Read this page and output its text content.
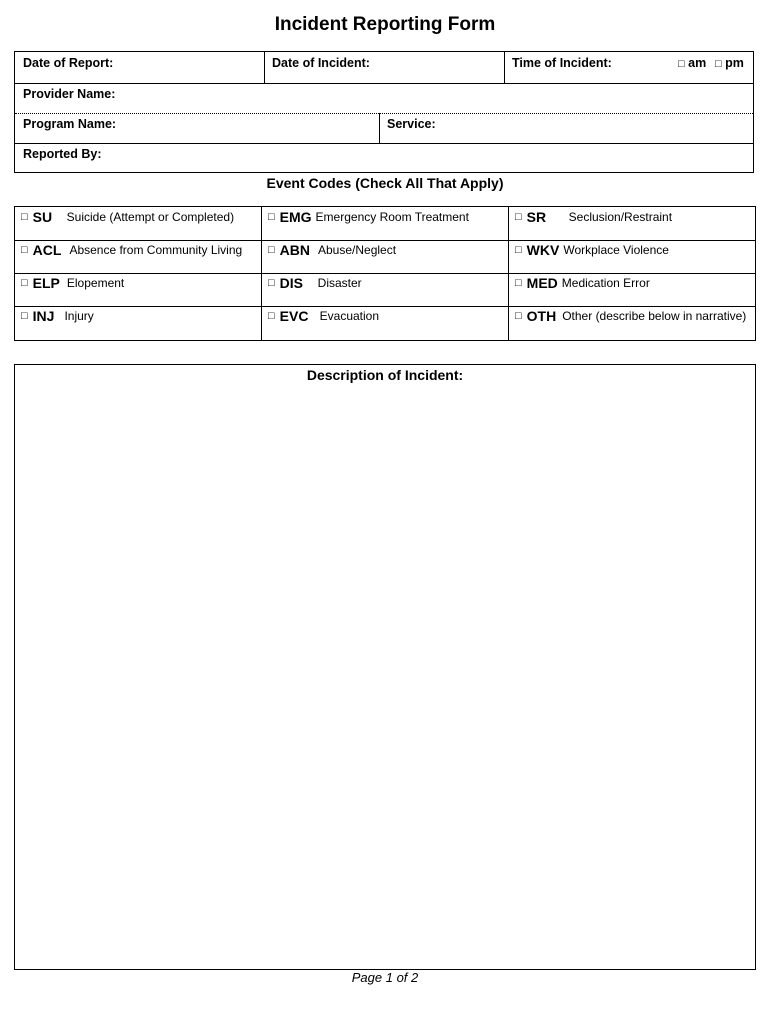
Incident Reporting Form
Date of Report:	Date of Incident:	Time of Incident:	□ am □ pm
Provider Name:
Program Name:	Service:
Reported By:
Event Codes (Check All That Apply)
□ SU	Suicide (Attempt or Completed)	□ EMG Emergency Room Treatment	□ SR	Seclusion/Restraint
□ ACL Absence from Community Living □ ABN Abuse/Neglect	□ WKV Workplace Violence
□ ELP Elopement	□ DIS	Disaster	□ MED Medication Error
□ INJ Injury	□ EVC Evacuation	□ OTH Other (describe below in narrative)
Description of Incident:
Page 1 of 2
